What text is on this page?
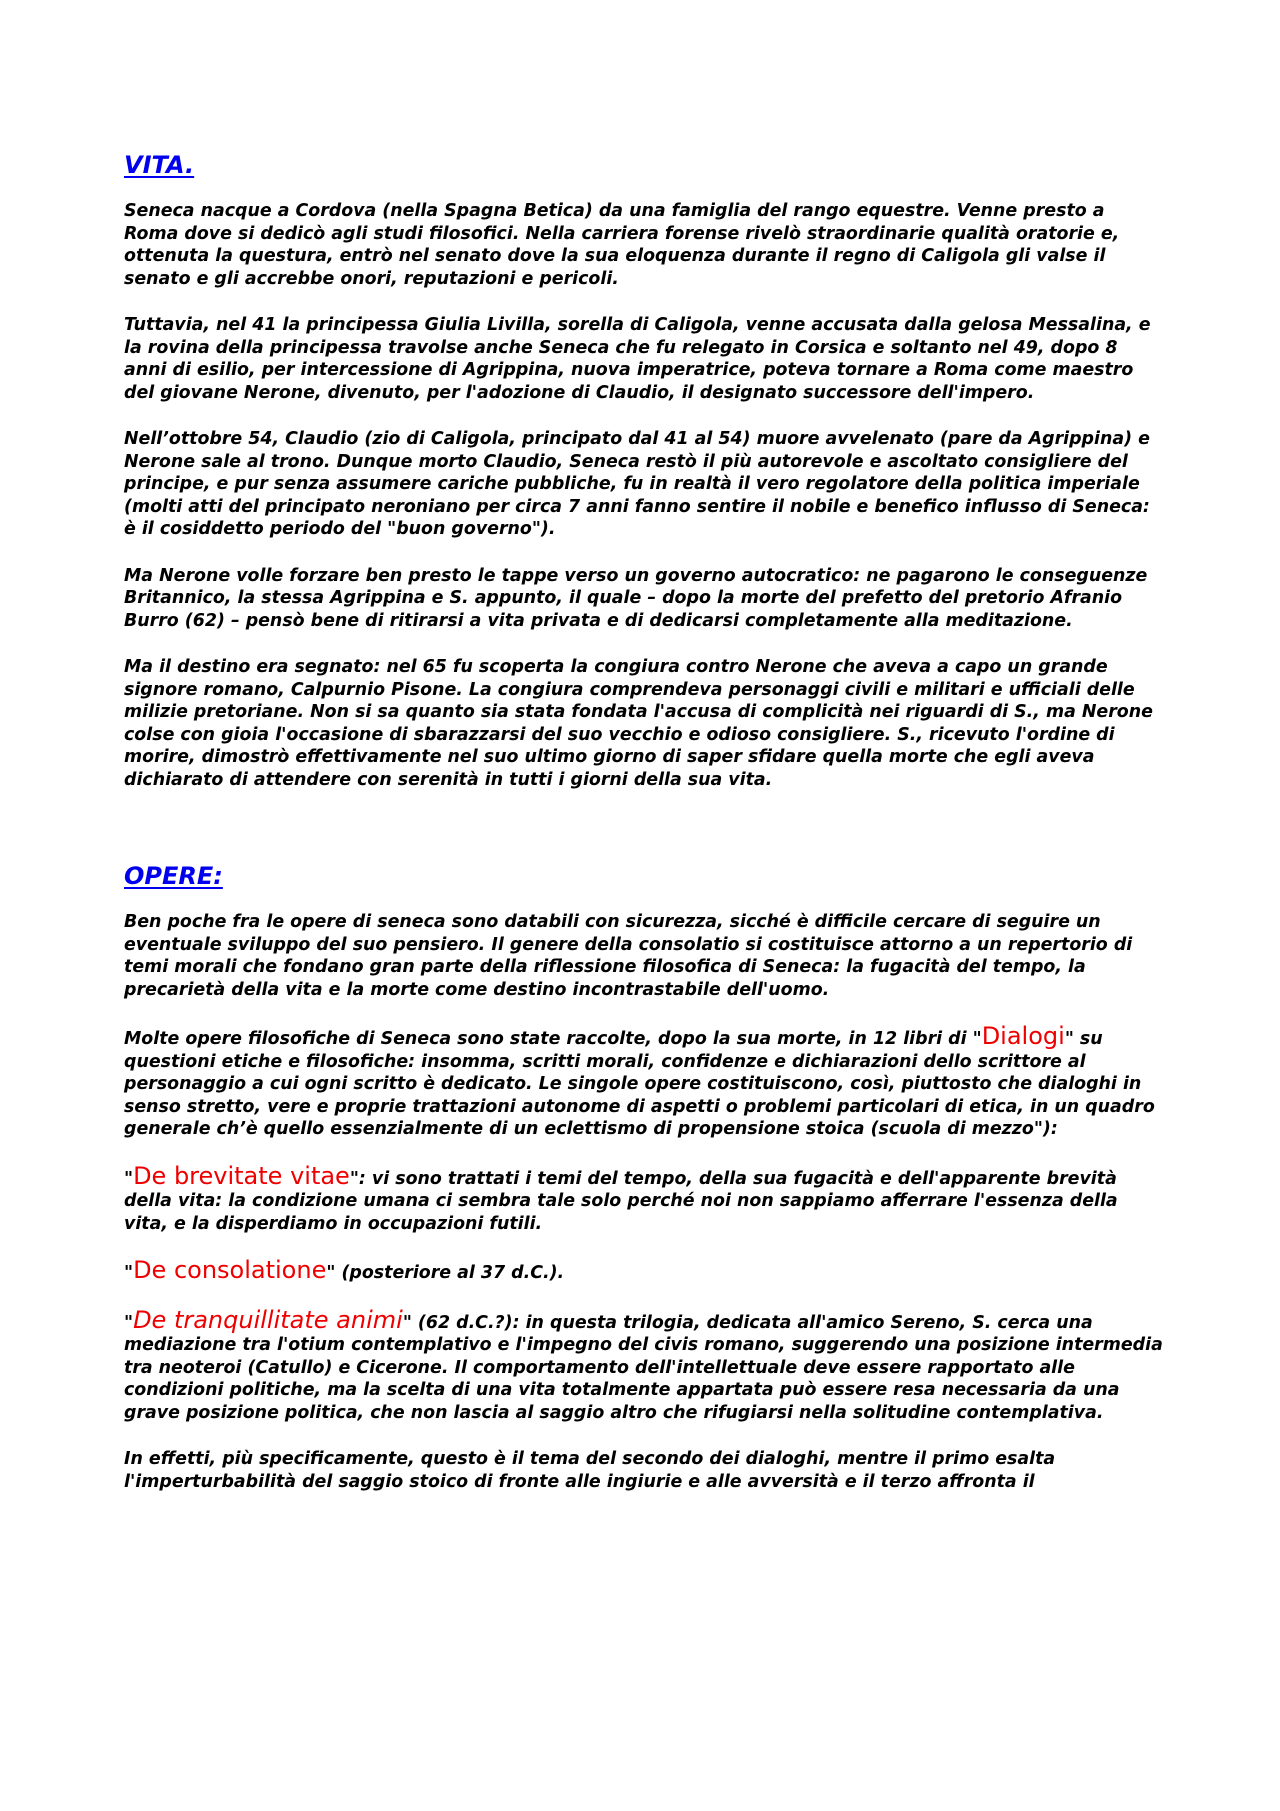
VITA.

Seneca nacque a Cordova (nella Spagna Betica) da una famiglia del rango equestre. Venne presto a Roma dove si dedicò agli studi filosofici. Nella carriera forense rivelò straordinarie qualità oratorie e, ottenuta la questura, entrò nel senato dove la sua eloquenza durante il regno di Caligola gli valse il senato e gli accrebbe onori, reputazioni e pericoli.

Tuttavia, nel 41 la principessa Giulia Livilla, sorella di Caligola, venne accusata dalla gelosa Messalina, e la rovina della principessa travolse anche Seneca che fu relegato in Corsica e soltanto nel 49, dopo 8 anni di esilio, per intercessione di Agrippina, nuova imperatrice, poteva tornare a Roma come maestro del giovane Nerone, divenuto, per l'adozione di Claudio, il designato successore dell'impero.

Nell’ottobre 54, Claudio (zio di Caligola, principato dal 41 al 54) muore avvelenato (pare da Agrippina) e Nerone sale al trono. Dunque morto Claudio, Seneca restò il più autorevole e ascoltato consigliere del principe, e pur senza assumere cariche pubbliche, fu in realtà il vero regolatore della politica imperiale (molti atti del principato neroniano per circa 7 anni fanno sentire il nobile e benefico influsso di Seneca: è il cosiddetto periodo del "buon governo").

Ma Nerone volle forzare ben presto le tappe verso un governo autocratico: ne pagarono le conseguenze Britannico, la stessa Agrippina e S. appunto, il quale – dopo la morte del prefetto del pretorio Afranio Burro (62) – pensò bene di ritirarsi a vita privata e di dedicarsi completamente alla meditazione.

Ma il destino era segnato: nel 65 fu scoperta la congiura contro Nerone che aveva a capo un grande signore romano, Calpurnio Pisone. La congiura comprendeva personaggi civili e militari e ufficiali delle milizie pretoriane. Non si sa quanto sia stata fondata l'accusa di complicità nei riguardi di S., ma Nerone colse con gioia l'occasione di sbarazzarsi del suo vecchio e odioso consigliere. S., ricevuto l'ordine di morire, dimostrò effettivamente nel suo ultimo giorno di saper sfidare quella morte che egli aveva dichiarato di attendere con serenità in tutti i giorni della sua vita.

OPERE:

Ben poche fra le opere di seneca sono databili con sicurezza, sicché è difficile cercare di seguire un eventuale sviluppo del suo pensiero. Il genere della consolatio si costituisce attorno a un repertorio di temi morali che fondano gran parte della riflessione filosofica di Seneca: la fugacità del tempo, la precarietà della vita e la morte come destino incontrastabile dell'uomo.

Molte opere filosofiche di Seneca sono state raccolte, dopo la sua morte, in 12 libri di "Dialogi" su questioni etiche e filosofiche: insomma, scritti morali, confidenze e dichiarazioni dello scrittore al personaggio a cui ogni scritto è dedicato. Le singole opere costituiscono, così, piuttosto che dialoghi in senso stretto, vere e proprie trattazioni autonome di aspetti o problemi particolari di etica, in un quadro generale ch’è quello essenzialmente di un eclettismo di propensione stoica (scuola di mezzo"):

"De brevitate vitae": vi sono trattati i temi del tempo, della sua fugacità e dell'apparente brevità della vita: la condizione umana ci sembra tale solo perché noi non sappiamo afferrare l'essenza della vita, e la disperdiamo in occupazioni futili.

"De consolatione" (posteriore al 37 d.C.).

"De tranquillitate animi" (62 d.C.?): in questa trilogia, dedicata all'amico Sereno, S. cerca una mediazione tra l'otium contemplativo e l'impegno del civis romano, suggerendo una posizione intermedia tra neoteroi (Catullo) e Cicerone. Il comportamento dell'intellettuale deve essere rapportato alle condizioni politiche, ma la scelta di una vita totalmente appartata può essere resa necessaria da una grave posizione politica, che non lascia al saggio altro che rifugiarsi nella solitudine contemplativa.

In effetti, più specificamente, questo è il tema del secondo dei dialoghi, mentre il primo esalta l'imperturbabilità del saggio stoico di fronte alle ingiurie e alle avversità e il terzo affronta il
